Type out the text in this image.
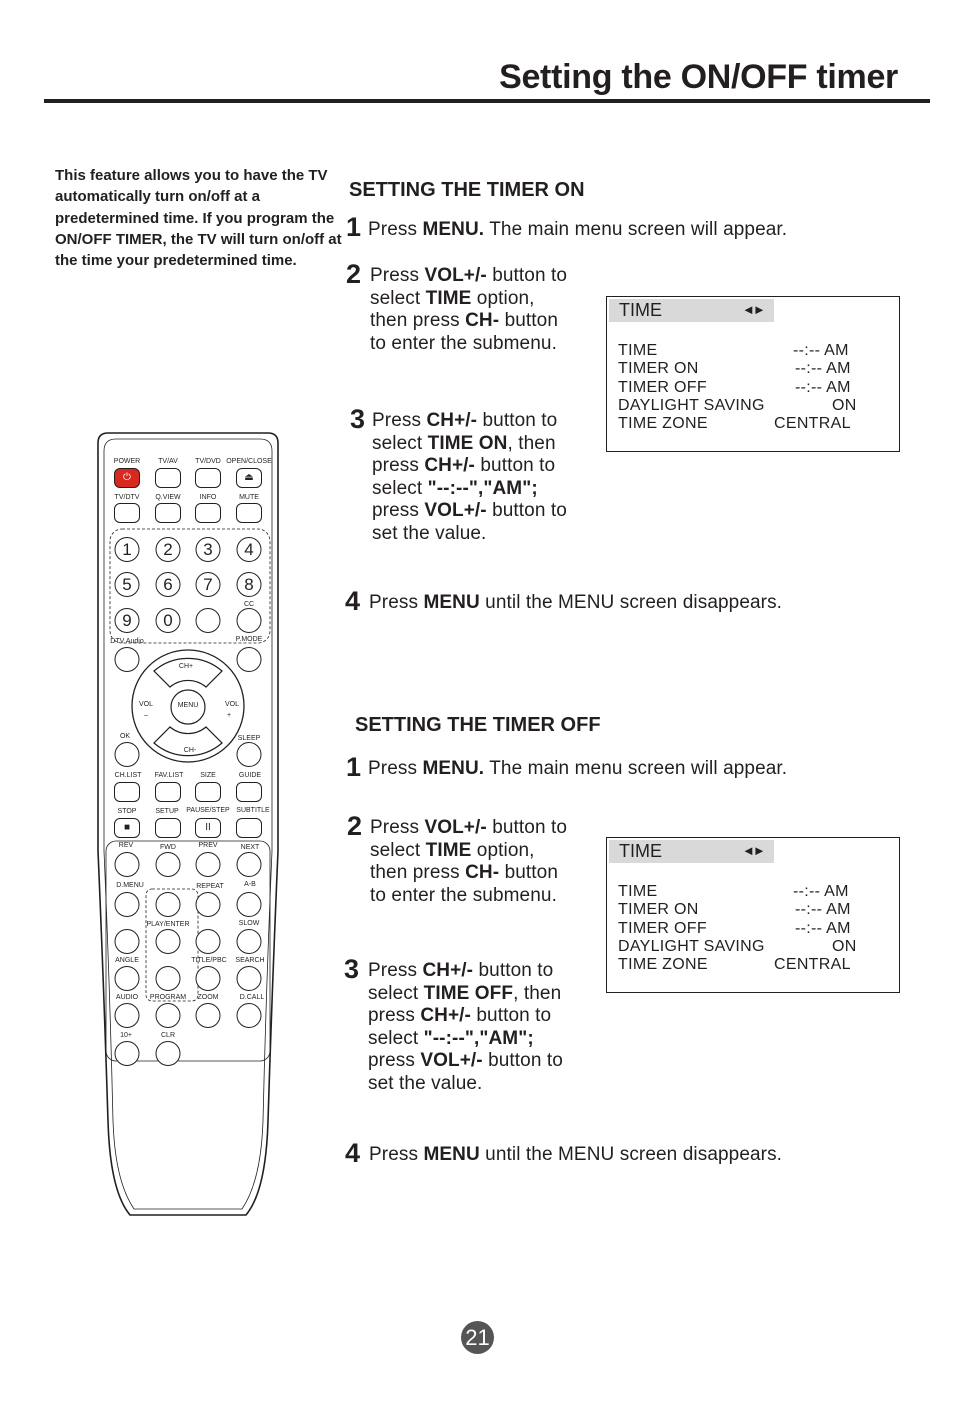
Setting the ON/OFF timer
This feature allows you to have the TV automatically turn on/off at a predetermined time. If you program the ON/OFF TIMER, the TV will turn on/off at the time your predetermined time.
SETTING THE TIMER ON
1 Press MENU. The main menu screen will appear.
2 Press VOL+/- button to
select TIME option,
then press CH- button
to enter the submenu.
3 Press CH+/- button to
select TIME ON, then
press CH+/- button to
select "--:--","AM";
press VOL+/- button to
set the value.
4 Press MENU until the MENU screen disappears.
SETTING THE TIMER OFF
1 Press MENU. The main menu screen will appear.
2 Press VOL+/- button to
select TIME option,
then press CH- button
to enter the submenu.
3 Press CH+/- button to
select TIME OFF, then
press CH+/- button to
select "--:--","AM";
press VOL+/- button to
set the value.
4 Press MENU until the MENU screen disappears.
TIME	◄►
TIME	--:-- AM
TIMER ON	--:-- AM
TIMER OFF	--:-- AM
DAYLIGHT SAVING	ON
TIME ZONE	CENTRAL
TIME	◄►
TIME	--:-- AM
TIMER ON	--:-- AM
TIMER OFF	--:-- AM
DAYLIGHT SAVING	ON
TIME ZONE	CENTRAL
POWER	TV/AV TV/DVD OPEN/CLOSE
⏻	⏏
TV/DTV Q.VIEW	INFO	MUTE
1	2	3	4
5	6	7	8
9	0
CC
DTV Audio	P.MODE
CH+
CH-
MENU
VOL	VOL
–	+
OK	SLEEP
CH.LIST FAV.LIST SIZE	GUIDE
STOP	SETUP PAUSE/STEP SUBTITLE
■	II
REV	FWD	PREV	NEXT
D.MENU	REPEAT	A-B
PLAY/ENTER	SLOW
ANGLE	TITLE/PBC SEARCH
AUDIO PROGRAM ZOOM	D.CALL
10+	CLR
21
